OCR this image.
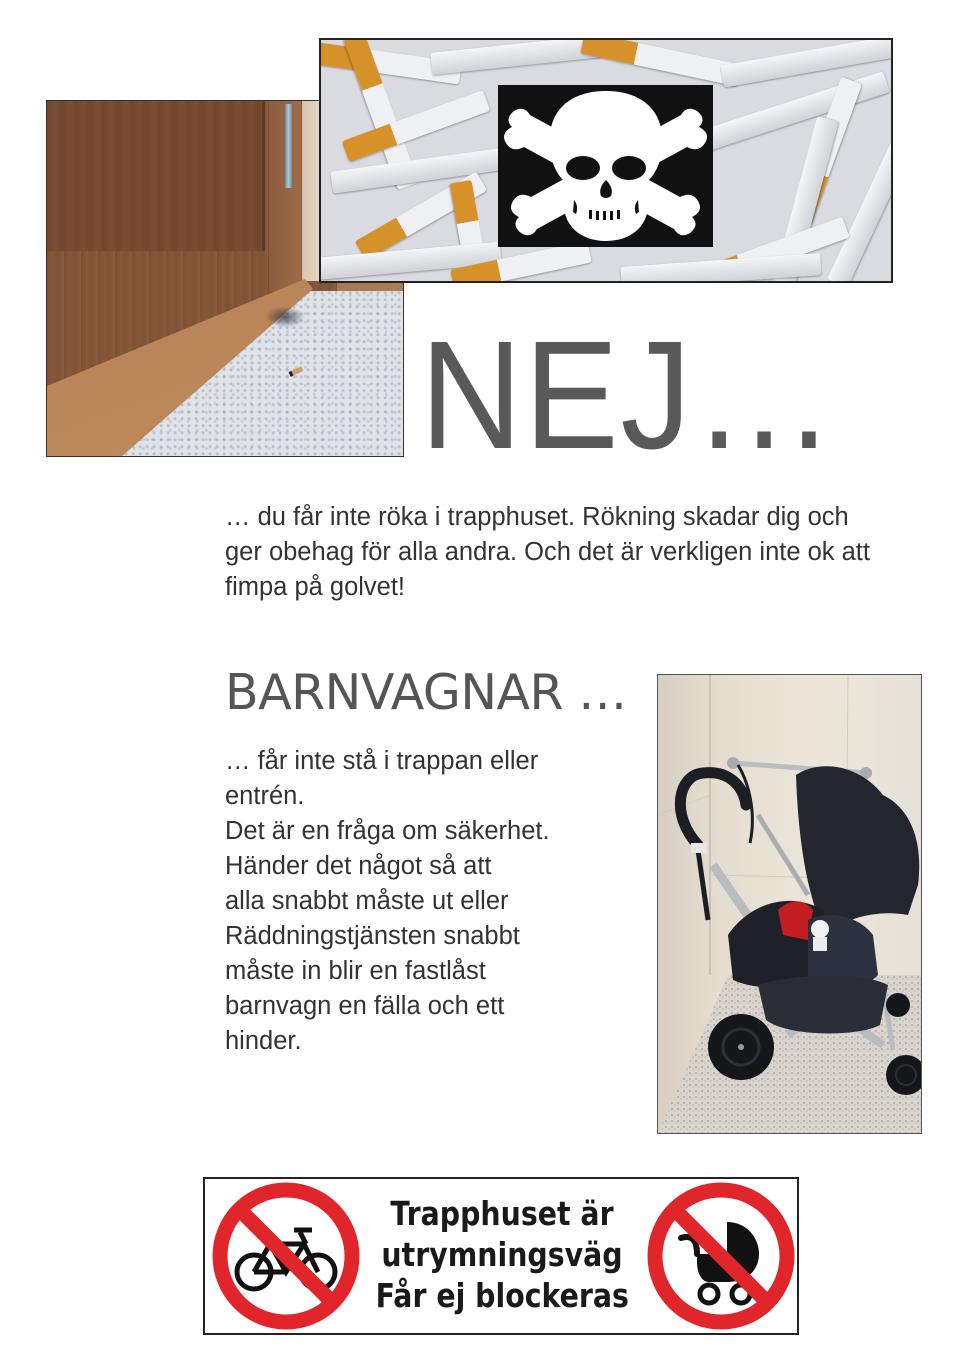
NEJ…

… du får inte röka i trapphuset. Rökning skadar dig och ger obehag för alla andra. Och det är verkligen inte ok att fimpa på golvet!

BARNVAGNAR …

… får inte stå i trappan eller
entrén.
Det är en fråga om säkerhet.
Händer det något så att
alla snabbt måste ut eller
Räddningstjänsten snabbt
måste in blir en fastlåst
barnvagn en fälla och ett
hinder.

Trapphuset är
utrymningsväg
Får ej blockeras
